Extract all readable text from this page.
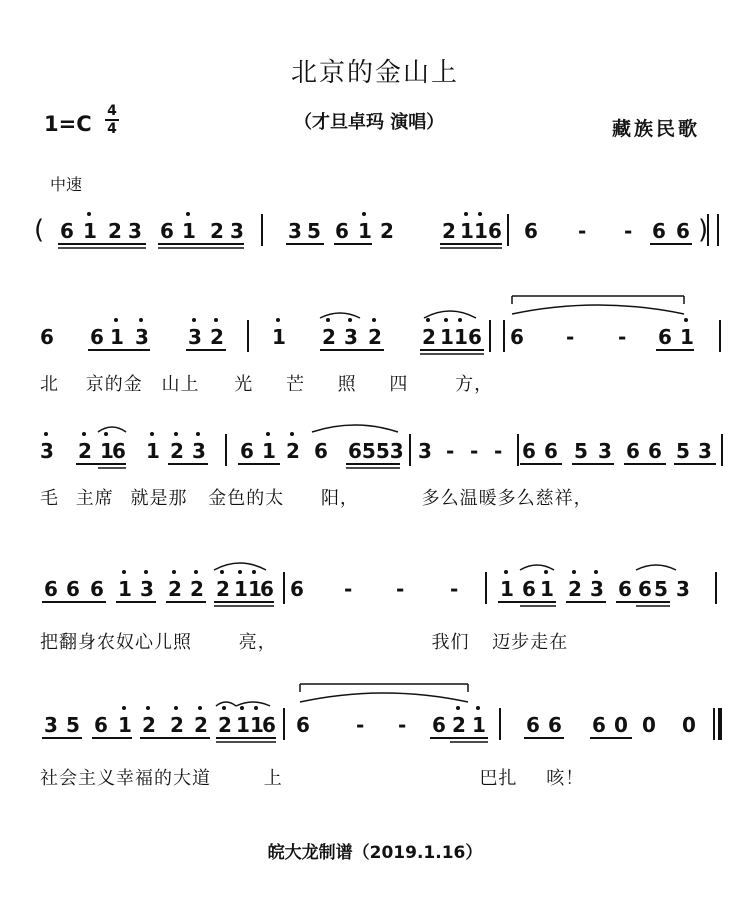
北京的金山上
1=C
4
4	（才旦卓玛 演唱）	藏族民歌
中速
( 6 1 2 3 6 1 2 3 3 5 6 1 2 2 1 1 6 6 - - 6 6 )
6 6 1 3 3 2 1 2 3 2 2 1 1 6 6 - - 6 1
3 2 1
6 1 2 3 6 1 2 6 6553 3 - - - 6 6 5 3 6 6 5 3
6 6 6 1 3 2 2 2 1 1
6 6 - - - 1 6 1 2 3 6 6 5 3
3 5 6 1 2 2 2 2 1 1
6 6 - - 6 2 1 6 6 6 0 0 0
北 京的金 山上 光 芒 照 四	方，
毛 主席 就是那 金色的太 阳，	多么温暖多么慈祥，
把翻身农奴心儿照	亮，	我们 迈步走在
社会主义幸福的大道	上	巴扎 咳！
皖大龙制谱（2019.1.16）
